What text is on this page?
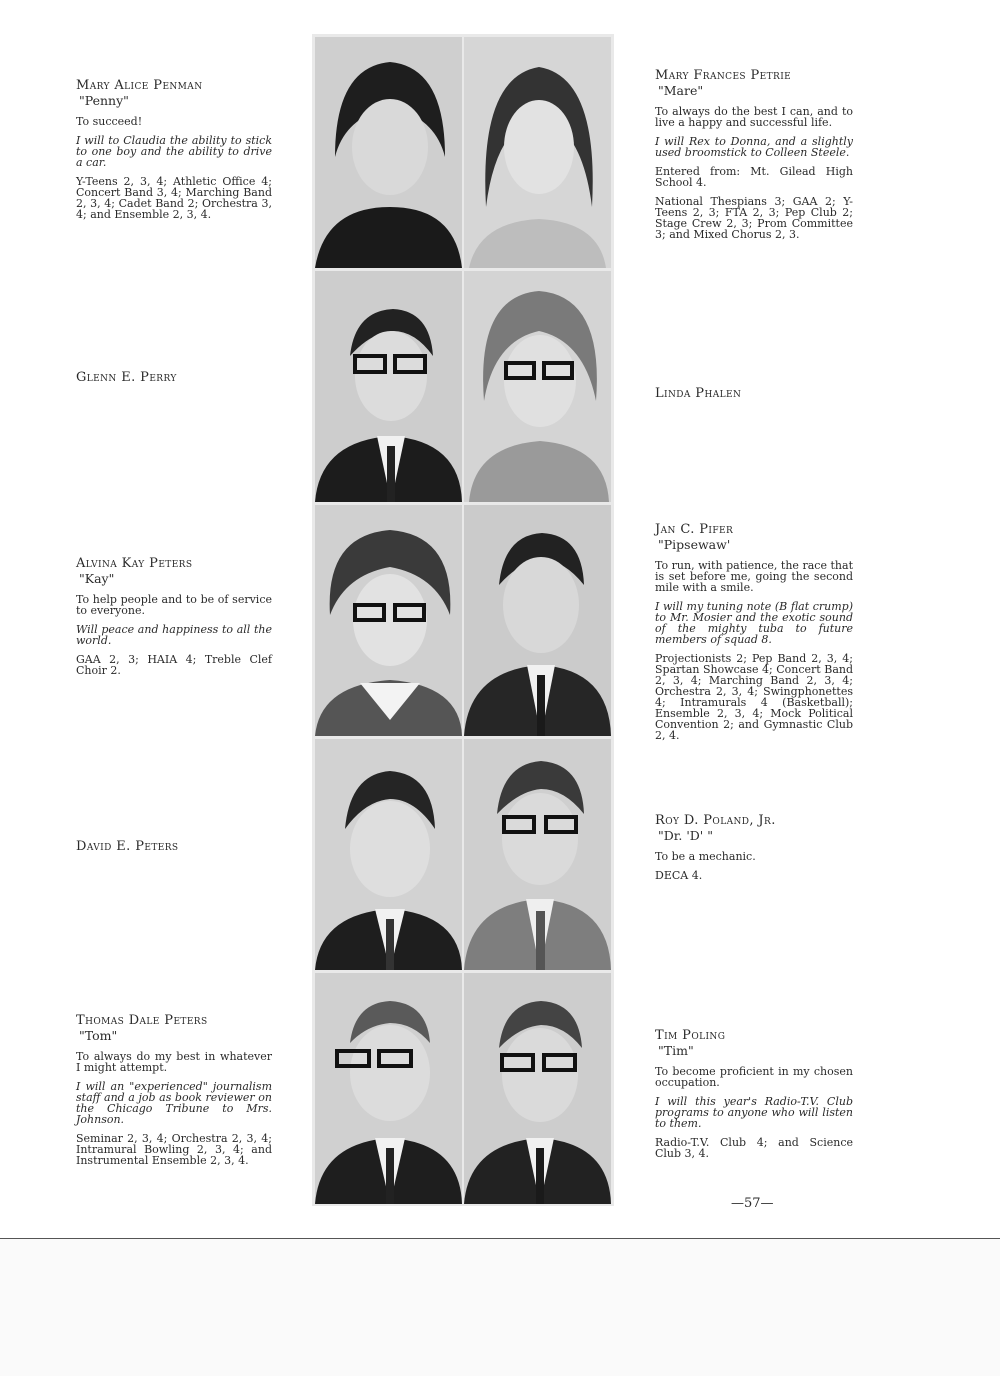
Mary Alice Penman
"Penny"
To succeed!
I will to Claudia the ability to stick to one boy and the ability to drive a car.
Y-Teens 2, 3, 4; Athletic Office 4; Concert Band 3, 4; Marching Band 2, 3, 4; Cadet Band 2; Orchestra 3, 4; and Ensemble 2, 3, 4.
Glenn E. Perry
Alvina Kay Peters
"Kay"
To help people and to be of service to everyone.
Will peace and happiness to all the world.
GAA 2, 3; HAIA 4; Treble Clef Choir 2.
David E. Peters
Thomas Dale Peters
"Tom"
To always do my best in whatever I might attempt.
I will an "experienced" journalism staff and a job as book reviewer on the Chicago Tribune to Mrs. Johnson.
Seminar 2, 3, 4; Orchestra 2, 3, 4; Intramural Bowling 2, 3, 4; and Instrumental Ensemble 2, 3, 4.
Mary Frances Petrie
"Mare"
To always do the best I can, and to live a happy and successful life.
I will Rex to Donna, and a slightly used broomstick to Colleen Steele.
Entered from: Mt. Gilead High School 4.
National Thespians 3; GAA 2; Y-Teens 2, 3; FTA 2, 3; Pep Club 2; Stage Crew 2, 3; Prom Committee 3; and Mixed Chorus 2, 3.
Linda Phalen
Jan C. Pifer
"Pipsewaw'
To run, with patience, the race that is set before me, going the second mile with a smile.
I will my tuning note (B flat crump) to Mr. Mosier and the exotic sound of the mighty tuba to future members of squad 8.
Projectionists 2; Pep Band 2, 3, 4; Spartan Showcase 4; Concert Band 2, 3, 4; Marching Band 2, 3, 4; Orchestra 2, 3, 4; Swingphonettes 4; Intramurals 4 (Basketball); Ensemble 2, 3, 4; Mock Political Convention 2; and Gymnastic Club 2, 4.
Roy D. Poland, Jr.
"Dr. 'D' "
To be a mechanic.
DECA 4.
Tim Poling
"Tim"
To become proficient in my chosen occupation.
I will this year's Radio-T.V. Club programs to anyone who will listen to them.
Radio-T.V. Club 4; and Science Club 3, 4.
—57—
